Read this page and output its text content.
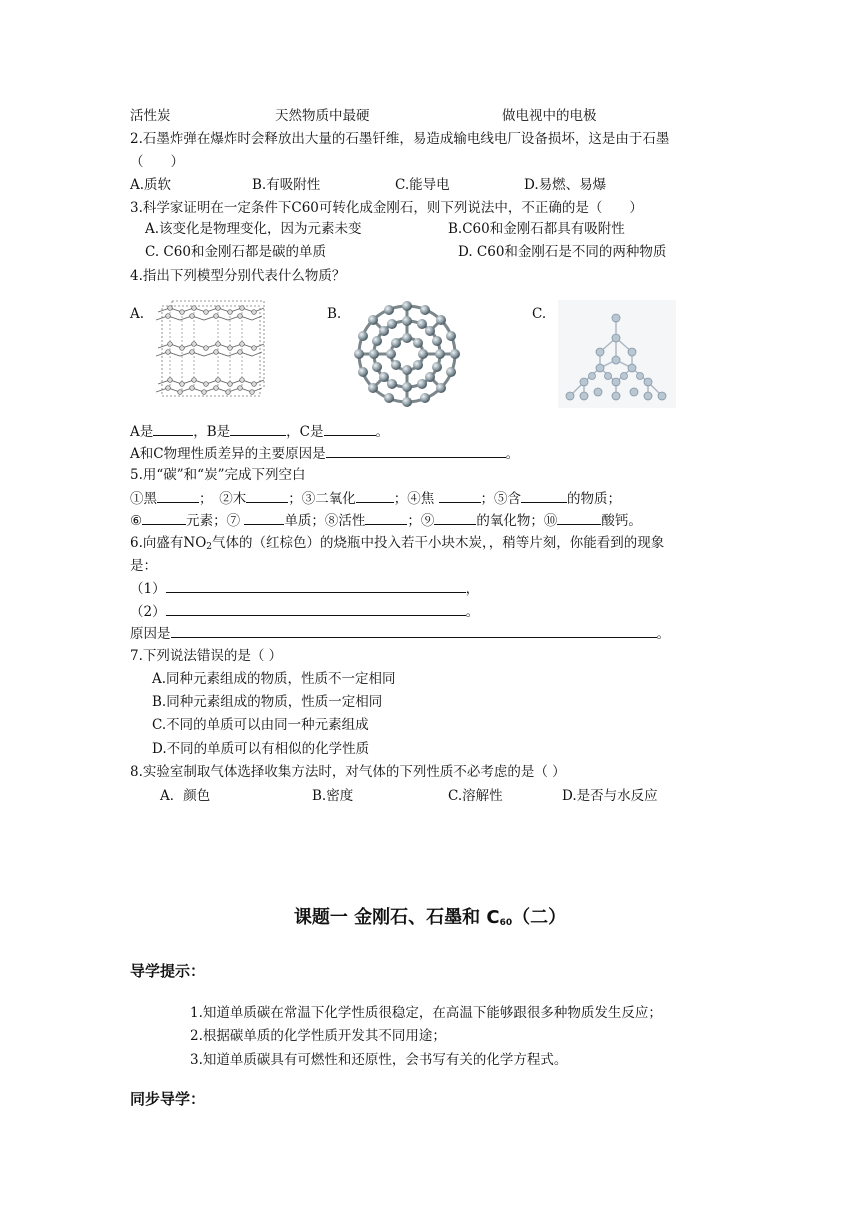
活性炭	天然物质中最硬	做电视中的电极
2.石墨炸弹在爆炸时会释放出大量的石墨钎维，易造成输电线电厂设备损坏，这是由于石墨
（　　）
A.质软	B.有吸附性	C.能导电	D.易燃、易爆
3.科学家证明在一定条件下C60可转化成金刚石，则下列说法中，不正确的是（　　）
A.该变化是物理变化，因为元素未变	B.C60和金刚石都具有吸附性
C. C60和金刚石都是碳的单质	D. C60和金刚石是不同的两种物质
4.指出下列模型分别代表什么物质？
A.	B.	C.
A是	，B是	，C是	。
A和C物理性质差异的主要原因是	。
5.用“碳”和“炭”完成下列空白
①黑	；　②木	；③二氧化	；④焦	；⑤含	的物质；
⑥	元素；⑦	单质；⑧活性	；⑨	的氧化物；⑩	酸钙。
6.向盛有$NO_2$气体的（红棕色）的烧瓶中投入若干小块木炭，，稍等片刻，你能看到的现象
是：
（1）	，
（2）	。
原因是	。
7.下列说法错误的是（ ）
A.同种元素组成的物质，性质不一定相同
B.同种元素组成的物质，性质一定相同
C.不同的单质可以由同一种元素组成
D.不同的单质可以有相似的化学性质
8.实验室制取气体选择收集方法时，对气体的下列性质不必考虑的是（ ）
A．颜色	B.密度	C.溶解性	D.是否与水反应
课题一 金刚石、石墨和 $C_{60}$（二）
导学提示：
1.知道单质碳在常温下化学性质很稳定，在高温下能够跟很多种物质发生反应；
2.根据碳单质的化学性质开发其不同用途；
3.知道单质碳具有可燃性和还原性，会书写有关的化学方程式。
同步导学：
